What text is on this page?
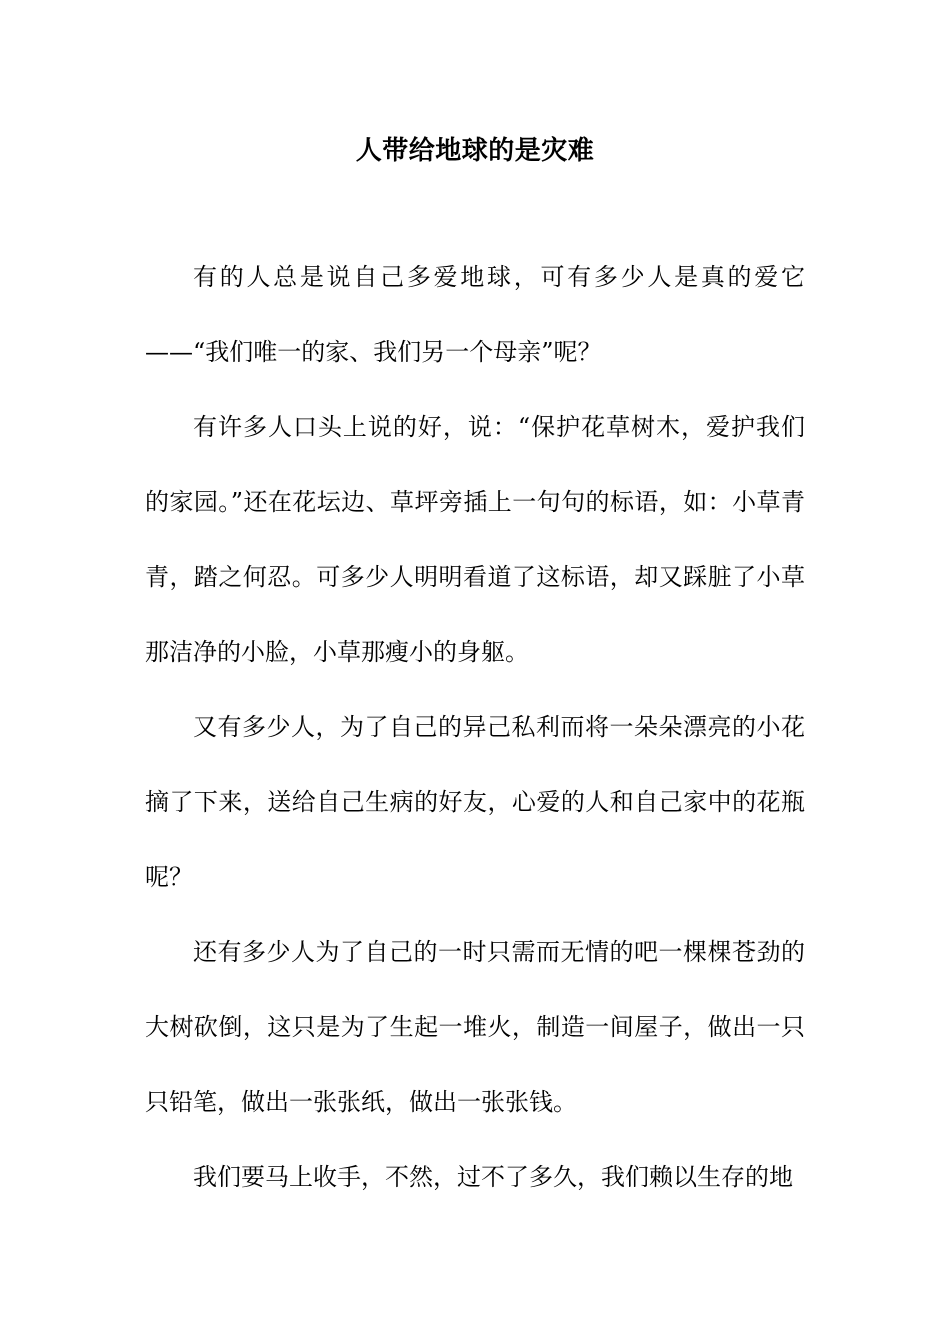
人带给地球的是灾难

有的人总是说自己多爱地球，可有多少人是真的爱它——“我们唯一的家、我们另一个母亲”呢？

有许多人口头上说的好，说：“保护花草树木，爱护我们的家园。”还在花坛边、草坪旁插上一句句的标语，如：小草青青，踏之何忍。可多少人明明看道了这标语，却又踩脏了小草那洁净的小脸，小草那瘦小的身躯。

又有多少人，为了自己的异己私利而将一朵朵漂亮的小花摘了下来，送给自己生病的好友，心爱的人和自己家中的花瓶呢？

还有多少人为了自己的一时只需而无情的吧一棵棵苍劲的大树砍倒，这只是为了生起一堆火，制造一间屋子，做出一只只铅笔，做出一张张纸，做出一张张钱。

我们要马上收手，不然，过不了多久，我们赖以生存的地
